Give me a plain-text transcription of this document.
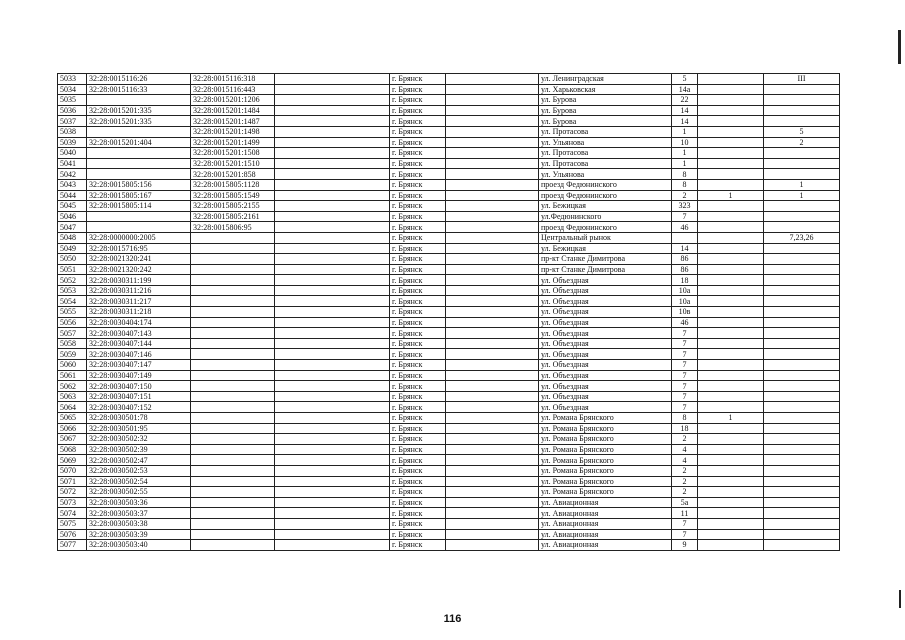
5033	32:28:0015116:26	32:28:0015116:318		г. Брянск		ул. Ленинградская	5		III
5034	32:28:0015116:33	32:28:0015116:443		г. Брянск		ул. Харьковская	14а		
5035		32:28:0015201:1206		г. Брянск		ул. Бурова	22		
5036	32:28:0015201:335	32:28:0015201:1484		г. Брянск		ул. Бурова	14		
5037	32:28:0015201:335	32:28:0015201:1487		г. Брянск		ул. Бурова	14		
5038		32:28:0015201:1498		г. Брянск		ул. Протасова	1		5
5039	32:28:0015201:404	32:28:0015201:1499		г. Брянск		ул. Ульянова	10		2
5040		32:28:0015201:1508		г. Брянск		ул. Протасова	1		
5041		32:28:0015201:1510		г. Брянск		ул. Протасова	1		
5042		32:28:0015201:858		г. Брянск		ул. Ульянова	8		
5043	32:28:0015805:156	32:28:0015805:1128		г. Брянск		проезд Федюнинского	8		1
5044	32:28:0015805:167	32:28:0015805:1549		г. Брянск		проезд Федюнинского	2	1	1
5045	32:28:0015805:114	32:28:0015805:2155		г. Брянск		ул. Бежицкая	323		
5046		32:28:0015805:2161		г. Брянск		ул.Федюнинского	7		
5047		32:28:0015806:95		г. Брянск		проезд Федюнинского	46		
5048	32:28:0000000:2005			г. Брянск		Центральный рынок			7,23,26
5049	32:28:0015716:95			г. Брянск		ул. Бежицкая	14		
5050	32:28:0021320:241			г. Брянск		пр-кт Станке Димитрова	86		
5051	32:28:0021320:242			г. Брянск		пр-кт Станке Димитрова	86		
5052	32:28:0030311:199			г. Брянск		ул. Объездная	18		
5053	32:28:0030311:216			г. Брянск		ул. Объездная	10а		
5054	32:28:0030311:217			г. Брянск		ул. Объездная	10а		
5055	32:28:0030311:218			г. Брянск		ул. Объездная	10в		
5056	32:28:0030404:174			г. Брянск		ул. Объездная	46		
5057	32:28:0030407:143			г. Брянск		ул. Объездная	7		
5058	32:28:0030407:144			г. Брянск		ул. Объездная	7		
5059	32:28:0030407:146			г. Брянск		ул. Объездная	7		
5060	32:28:0030407:147			г. Брянск		ул. Объездная	7		
5061	32:28:0030407:149			г. Брянск		ул. Объездная	7		
5062	32:28:0030407:150			г. Брянск		ул. Объездная	7		
5063	32:28:0030407:151			г. Брянск		ул. Объездная	7		
5064	32:28:0030407:152			г. Брянск		ул. Объездная	7		
5065	32:28:0030501:78			г. Брянск		ул. Романа Брянского	8	1	
5066	32:28:0030501:95			г. Брянск		ул. Романа Брянского	18		
5067	32:28:0030502:32			г. Брянск		ул. Романа Брянского	2		
5068	32:28:0030502:39			г. Брянск		ул. Романа Брянского	4		
5069	32:28:0030502:47			г. Брянск		ул. Романа Брянского	4		
5070	32:28:0030502:53			г. Брянск		ул. Романа Брянского	2		
5071	32:28:0030502:54			г. Брянск		ул. Романа Брянского	2		
5072	32:28:0030502:55			г. Брянск		ул. Романа Брянского	2		
5073	32:28:0030503:36			г. Брянск		ул. Авиационная	5а		
5074	32:28:0030503:37			г. Брянск		ул. Авиационная	11		
5075	32:28:0030503:38			г. Брянск		ул. Авиационная	7		
5076	32:28:0030503:39			г. Брянск		ул. Авиационная	7		
5077	32:28:0030503:40			г. Брянск		ул. Авиационная	9		
116
